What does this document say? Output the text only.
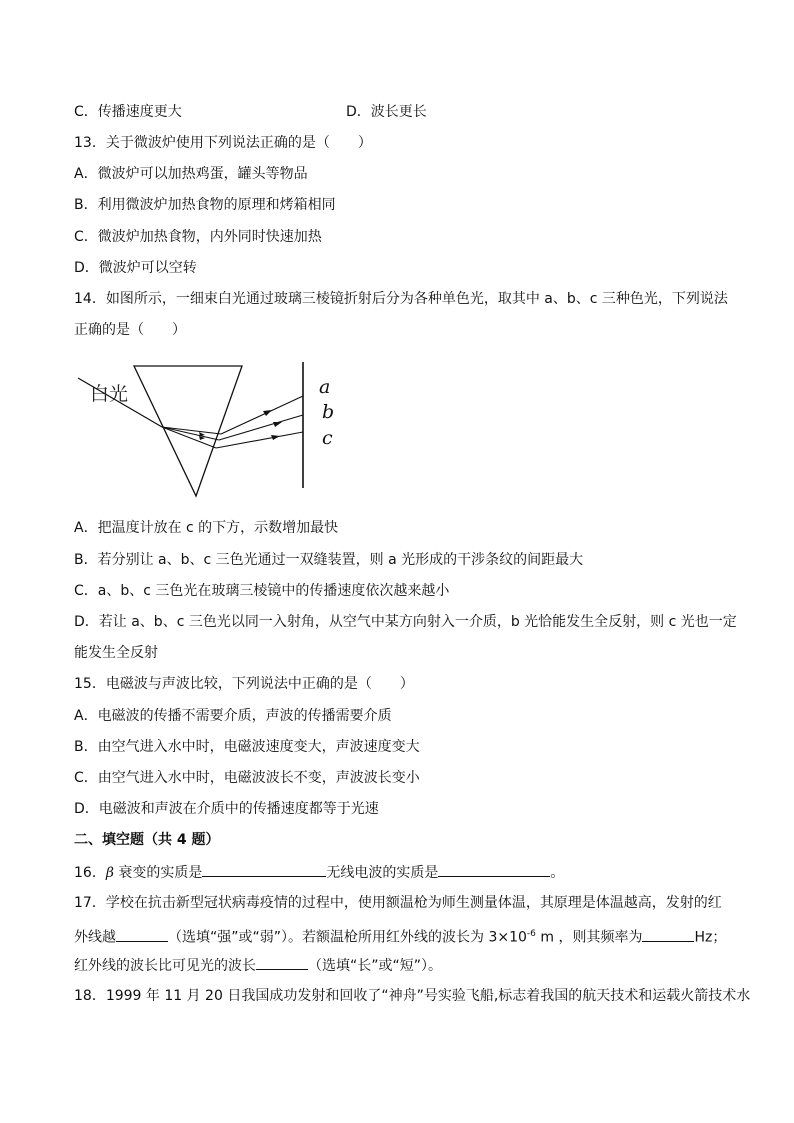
C．传播速度更大	D．波长更长
13．关于微波炉使用下列说法正确的是（　　）
A．微波炉可以加热鸡蛋，罐头等物品
B．利用微波炉加热食物的原理和烤箱相同
C．微波炉加热食物，内外同时快速加热
D．微波炉可以空转
14．如图所示，一细束白光通过玻璃三棱镜折射后分为各种单色光，取其中 a、b、c 三种色光，下列说法
正确的是（　　）
白光	a
b
c
A．把温度计放在 c 的下方，示数增加最快
B．若分别让 a、b、c 三色光通过一双缝装置，则 a 光形成的干涉条纹的间距最大
C．a、b、c 三色光在玻璃三棱镜中的传播速度依次越来越小
D．若让 a、b、c 三色光以同一入射角，从空气中某方向射入一介质，b 光恰能发生全反射，则 c 光也一定
能发生全反射
15．电磁波与声波比较，下列说法中正确的是（　　）
A．电磁波的传播不需要介质，声波的传播需要介质
B．由空气进入水中时，电磁波速度变大，声波速度变大
C．由空气进入水中时，电磁波波长不变，声波波长变小
D．电磁波和声波在介质中的传播速度都等于光速
二、填空题（共 4 题）
16．β 衰变的实质是	无线电波的实质是	。
17．学校在抗击新型冠状病毒疫情的过程中，使用额温枪为师生测量体温，其原理是体温越高，发射的红
外线越	（选填“强”或“弱”）。若额温枪所用红外线的波长为 $3\times 10^{-6}$ m ，则其频率为	Hz；
红外线的波长比可见光的波长	（选填“长”或“短”）。
18．1999 年 11 月 20 日我国成功发射和回收了“神舟”号实验飞船,标志着我国的航天技术和运载火箭技术水
